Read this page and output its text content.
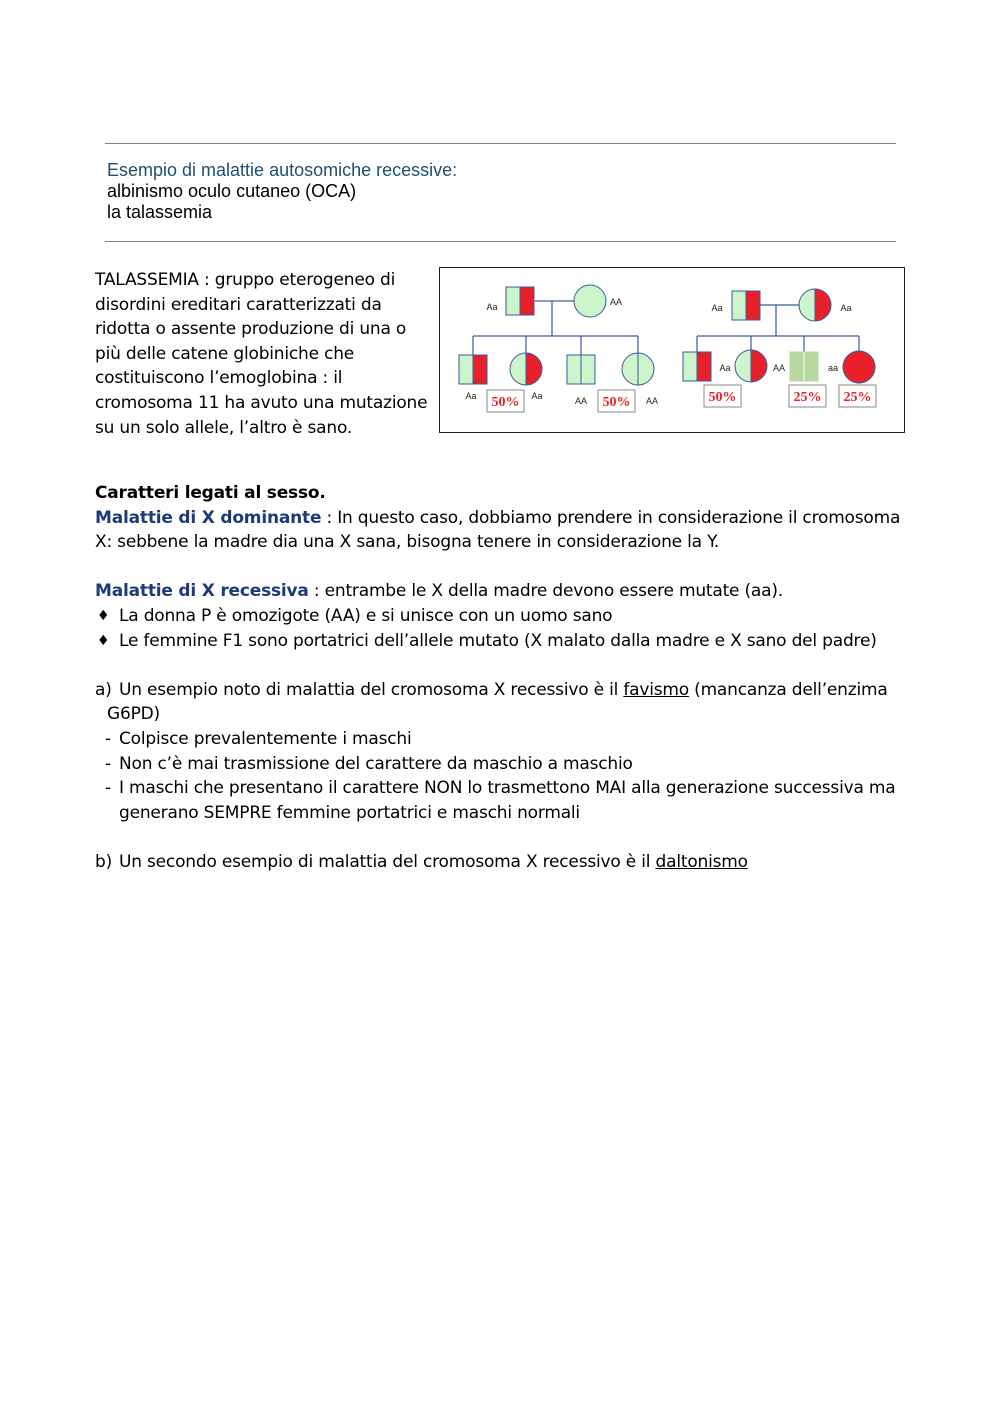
Esempio di malattie autosomiche recessive:
albinismo oculo cutaneo (OCA)
la talassemia
TALASSEMIA : gruppo eterogeneo di disordini ereditari caratterizzati da ridotta o assente produzione di una o più delle catene globiniche che costituiscono l’emoglobina : il cromosoma 11 ha avuto una mutazione su un solo allele, l’altro è sano.
Aa	AA
Aa	Aa	AA	AA
50%	50%
Aa	Aa
Aa	AA	aa
50%	25% 25%

Caratteri legati al sesso.

Malattie di X dominante : In questo caso, dobbiamo prendere in considerazione il cromosoma X: sebbene la madre dia una X sana, bisogna tenere in considerazione la Y.

Malattie di X recessiva : entrambe le X della madre devono essere mutate (aa).

♦ La donna P è omozigote (AA) e si unisce con un uomo sano
♦ Le femmine F1 sono portatrici dell’allele mutato (X malato dalla madre e X sano del padre)
a) Un esempio noto di malattia del cromosoma X recessivo è il favismo (mancanza dell’enzima
G6PD)
- Colpisce prevalentemente i maschi
- Non c’è mai trasmissione del carattere da maschio a maschio
- I maschi che presentano il carattere NON lo trasmettono MAI alla generazione successiva ma generano SEMPRE femmine portatrici e maschi normali
b) Un secondo esempio di malattia del cromosoma X recessivo è il daltonismo
